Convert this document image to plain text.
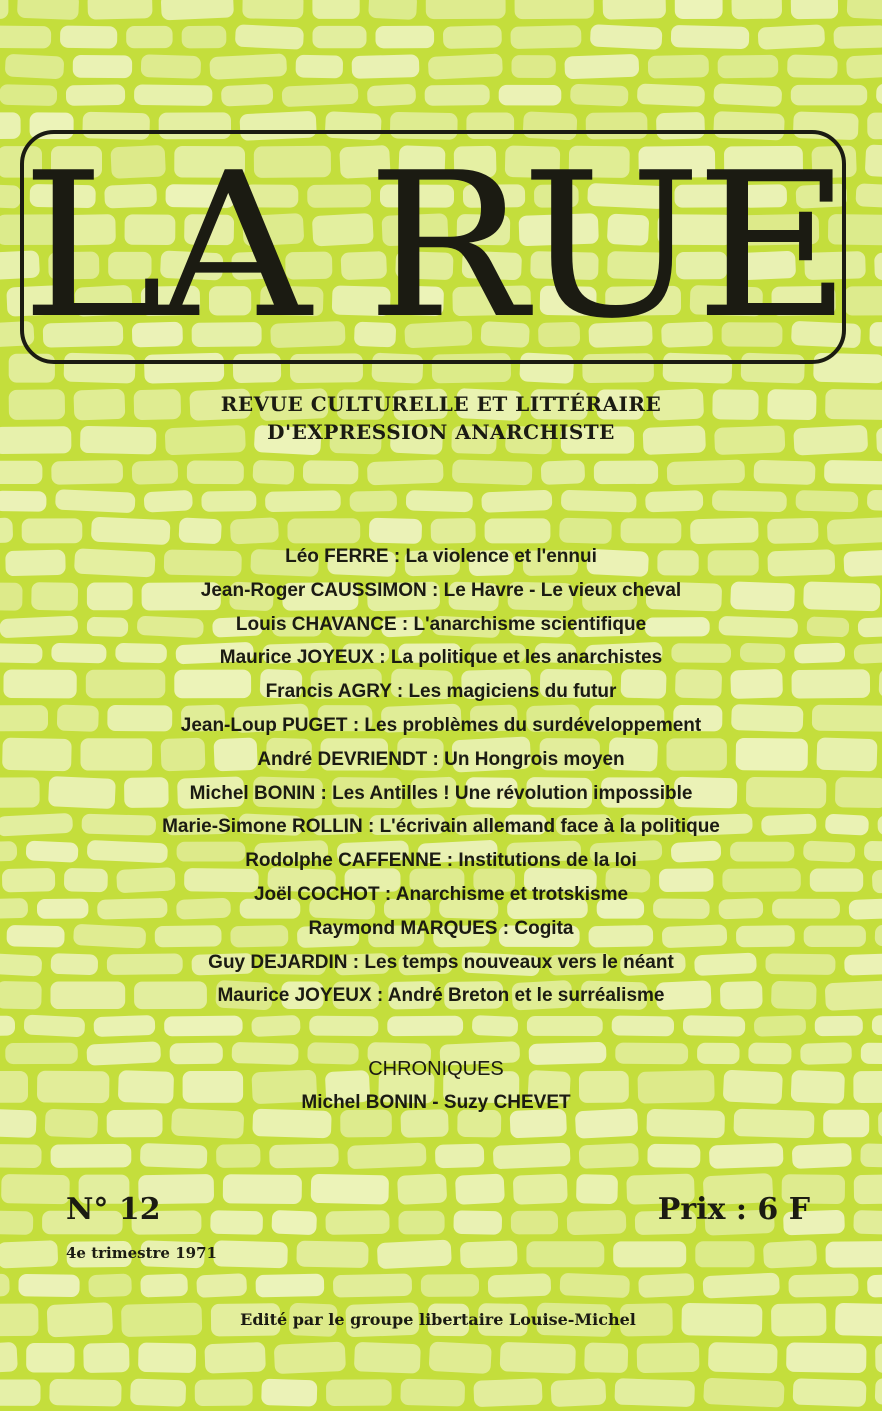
LA RUE
REVUE CULTURELLE ET LITTÉRAIRE
D'EXPRESSION ANARCHISTE
Léo FERRE : La violence et l'ennui
Jean-Roger CAUSSIMON : Le Havre - Le vieux cheval
Louis CHAVANCE : L'anarchisme scientifique
Maurice JOYEUX : La politique et les anarchistes
Francis AGRY : Les magiciens du futur
Jean-Loup PUGET : Les problèmes du surdéveloppement
André DEVRIENDT : Un Hongrois moyen
Michel BONIN : Les Antilles ! Une révolution impossible
Marie-Simone ROLLIN : L'écrivain allemand face à la politique
Rodolphe CAFFENNE : Institutions de la loi
Joël COCHOT : Anarchisme et trotskisme
Raymond MARQUES : Cogita
Guy DEJARDIN : Les temps nouveaux vers le néant
Maurice JOYEUX : André Breton et le surréalisme
CHRONIQUES
Michel BONIN - Suzy CHEVET
N° 12
4e trimestre 1971
Prix : 6 F
Edité par le groupe libertaire Louise-Michel
